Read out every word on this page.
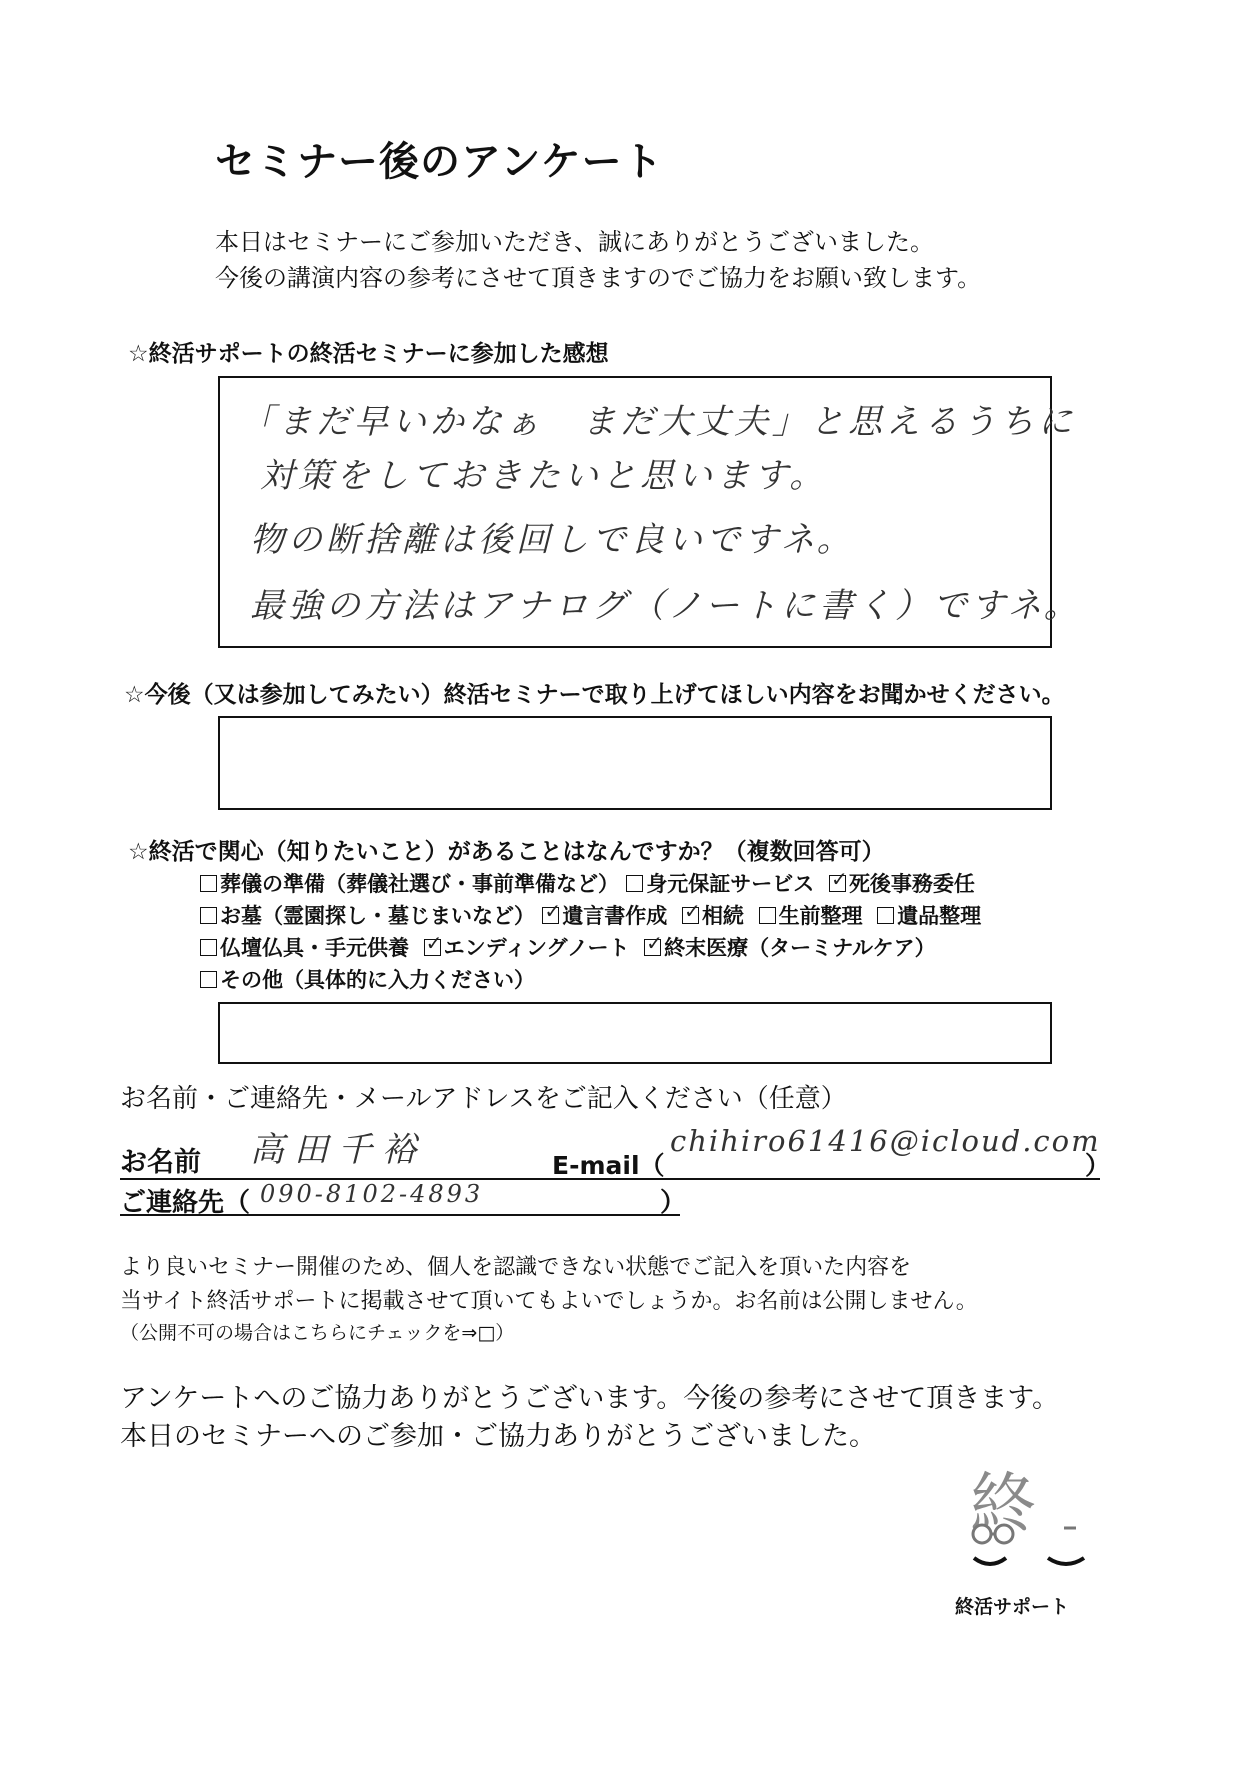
セミナー後のアンケート
本日はセミナーにご参加いただき、誠にありがとうございました。
今後の講演内容の参考にさせて頂きますのでご協力をお願い致します。
☆終活サポートの終活セミナーに参加した感想
「まだ早いかなぁ　まだ大丈夫」と思えるうちに
対策をしておきたいと思います。
物の断捨離は後回しで良いですネ。
最強の方法はアナログ（ノートに書く）ですネ。
☆今後（又は参加してみたい）終活セミナーで取り上げてほしい内容をお聞かせください。
☆終活で関心（知りたいこと）があることはなんですか？（複数回答可）
葬儀の準備（葬儀社選び・事前準備など） 身元保証サービス ✓ 死後事務委任
お墓（霊園探し・墓じまいなど） ✓ 遺言書作成 ✓ 相続 生前整理 遺品整理
仏壇仏具・手元供養 ✓ エンディングノート ✓ 終末医療（ターミナルケア）
その他（具体的に入力ください）
お名前・ご連絡先・メールアドレスをご記入ください（任意）
お名前 高田千裕	E-mail（
chihiro61416@icloud.com
）
ご連絡先（ 090-8102-4893	）
より良いセミナー開催のため、個人を認識できない状態でご記入を頂いた内容を
当サイト終活サポートに掲載させて頂いてもよいでしょうか。お名前は公開しません。
（公開不可の場合はこちらにチェックを⇒□）
アンケートへのご協力ありがとうございます。今後の参考にさせて頂きます。
本日のセミナーへのご参加・ご協力ありがとうございました。
終
終活サポート
